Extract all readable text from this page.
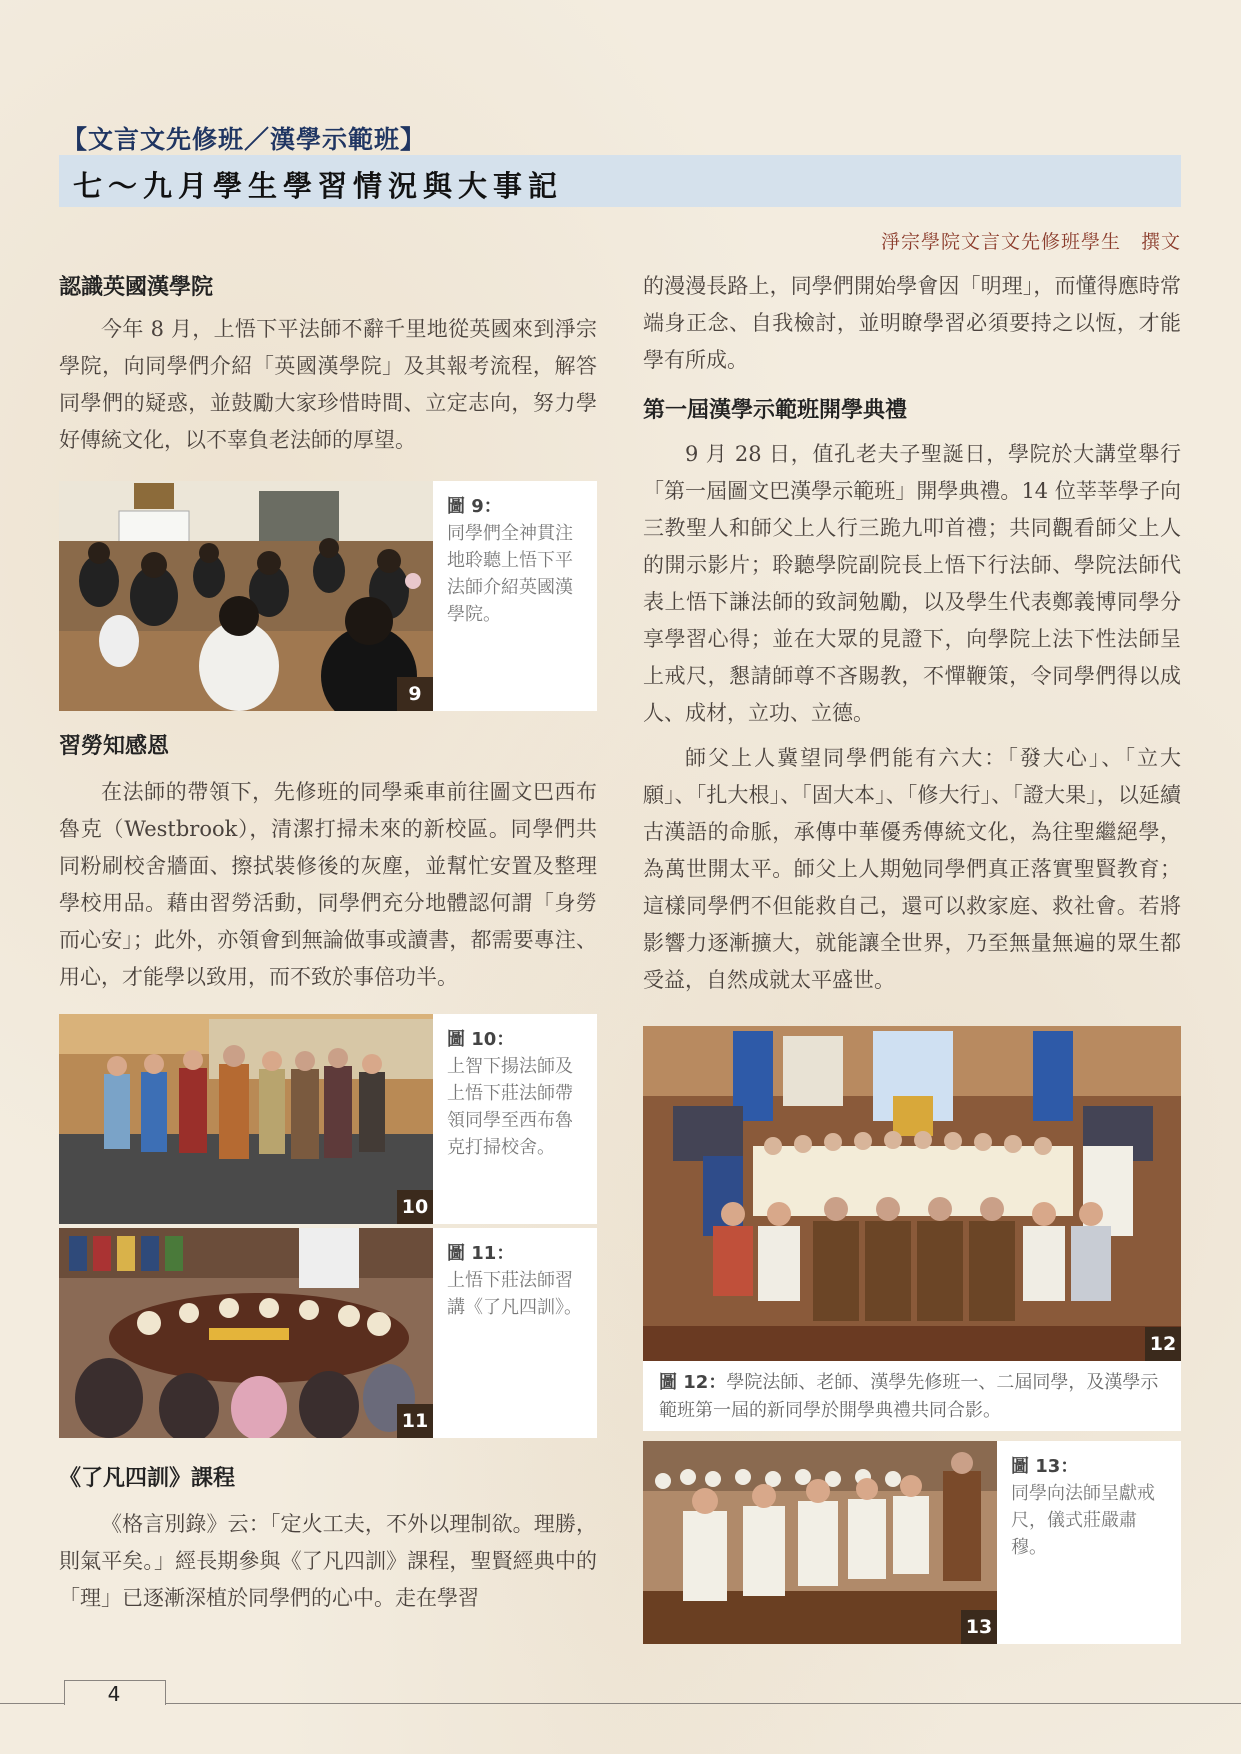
【文言文先修班／漢學示範班】
七～九月學生學習情況與大事記
淨宗學院文言文先修班學生　撰文
認識英國漢學院

今年 8 月，上悟下平法師不辭千里地從英國來到淨宗學院，向同學們介紹「英國漢學院」及其報考流程，解答同學們的疑惑，並鼓勵大家珍惜時間、立定志向，努力學好傳統文化，以不辜負老法師的厚望。

9
圖 9：
同學們全神貫注地聆聽上悟下平法師介紹英國漢學院。
習勞知感恩

在法師的帶領下，先修班的同學乘車前往圖文巴西布魯克（Westbrook），清潔打掃未來的新校區。同學們共同粉刷校舍牆面、擦拭裝修後的灰塵，並幫忙安置及整理學校用品。藉由習勞活動，同學們充分地體認何謂「身勞而心安」；此外，亦領會到無論做事或讀書，都需要專注、用心，才能學以致用，而不致於事倍功半。

10
圖 10：
上智下揚法師及上悟下莊法師帶領同學至西布魯克打掃校舍。
11
圖 11：
上悟下莊法師習講《了凡四訓》。
《了凡四訓》課程

《格言別錄》云：「定火工夫，不外以理制欲。理勝，則氣平矣。」經長期參與《了凡四訓》課程，聖賢經典中的「理」已逐漸深植於同學們的心中。走在學習

的漫漫長路上，同學們開始學會因「明理」，而懂得應時常端身正念、自我檢討，並明瞭學習必須要持之以恆，才能學有所成。

第一屆漢學示範班開學典禮

9 月 28 日，值孔老夫子聖誕日，學院於大講堂舉行「第一屆圖文巴漢學示範班」開學典禮。14 位莘莘學子向三教聖人和師父上人行三跪九叩首禮；共同觀看師父上人的開示影片；聆聽學院副院長上悟下行法師、學院法師代表上悟下謙法師的致詞勉勵，以及學生代表鄭義博同學分享學習心得；並在大眾的見證下，向學院上法下性法師呈上戒尺，懇請師尊不吝賜教，不憚鞭策，令同學們得以成人、成材，立功、立德。

師父上人冀望同學們能有六大：「發大心」、「立大願」、「扎大根」、「固大本」、「修大行」、「證大果」，以延續古漢語的命脈，承傳中華優秀傳統文化，為往聖繼絕學，為萬世開太平。師父上人期勉同學們真正落實聖賢教育；這樣同學們不但能救自己，還可以救家庭、救社會。若將影響力逐漸擴大，就能讓全世界，乃至無量無遍的眾生都受益，自然成就太平盛世。

12
圖 12：學院法師、老師、漢學先修班一、二屆同學，及漢學示範班第一屆的新同學於開學典禮共同合影。
13
圖 13：
同學向法師呈獻戒尺，儀式莊嚴肅穆。
4
